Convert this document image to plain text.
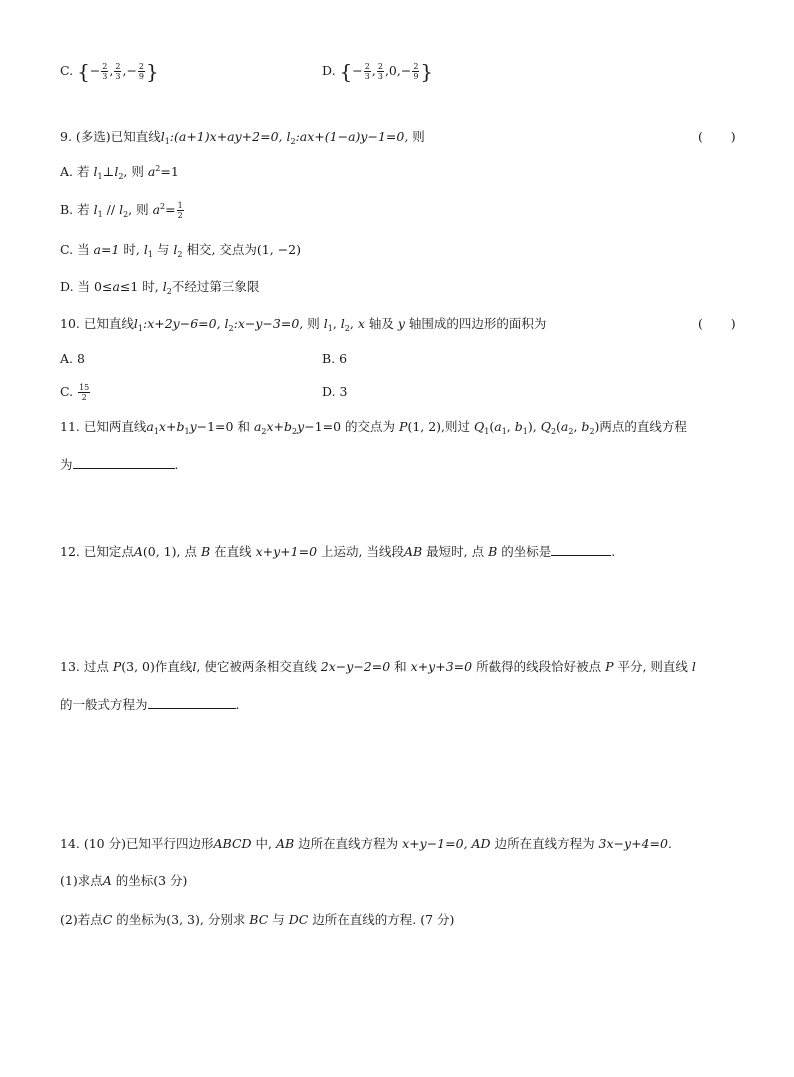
C. {− $\frac{2}{3}$ , $\frac{2}{3}$ ,− $\frac{2}{9}$ }	D. {− $\frac{2}{3}$ , $\frac{2}{3} ,0,- \frac{2}{9}$ }
9. (多选)已知直线$l_1:(a+1)x+ay+2=0$, $l_2:ax+(1-a)y-1=0$, 则	(       )
A. 若 $l_1\perp l_2$, 则 $a^2=1$
B. 若 $l_1 // l_2$, 则 $a^2= \frac{1}{2}$
C. 当 a=1 时, $l_1$ 与 $l_2$ 相交, 交点为(1, −2)
D. 当 0≤a≤1 时, $l_2$不经过第三象限
10. 已知直线$l_1:x+2y-6=0$, $l_2:x-y-3=0$, 则 $l_1$, $l_2$, x 轴及 y 轴围成的四边形的面积为	(       )
A. 8	B. 6
C. $\frac{15}{2}$	D. 3
11. 已知两直线$a_1x+b_1y-1=0$ 和 $a_2x+b_2y-1=0$ 的交点为 P(1, 2),则过 $Q_1(a_1$, $b_1$), $Q_2(a_2$, $b_2$)两点的直线方程
为	.
12. 已知定点A(0, 1), 点 B 在直线 x+y+1=0 上运动, 当线段AB 最短时, 点 B 的坐标是	.
13. 过点 P(3, 0)作直线l, 使它被两条相交直线 2x−y−2=0 和 x+y+3=0 所截得的线段恰好被点 P 平分, 则直线 l
的一般式方程为	.
14. (10 分)已知平行四边形ABCD 中, AB 边所在直线方程为 x+y−1=0, AD 边所在直线方程为 3x−y+4=0.
(1)求点A 的坐标(3 分)
(2)若点C 的坐标为(3, 3), 分别求 BC 与 DC 边所在直线的方程. (7 分)
